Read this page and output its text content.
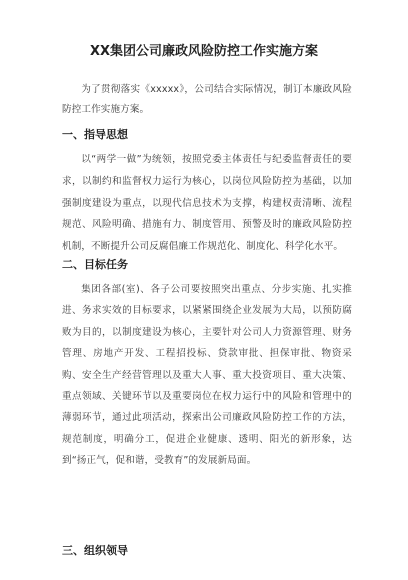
XX集团公司廉政风险防控工作实施方案
为了贯彻落实《xxxxx》，公司结合实际情况，制订本廉政风险防控工作实施方案。
一、指导思想
以“两学一做”为统领，按照党委主体责任与纪委监督责任的要求，以制约和监督权力运行为核心，以岗位风险防控为基础，以加强制度建设为重点，以现代信息技术为支撑，构建权责清晰、流程规范、风险明确、措施有力、制度管用、预警及时的廉政风险防控机制，不断提升公司反腐倡廉工作规范化、制度化、科学化水平。
二、目标任务
集团各部(室)、各子公司要按照突出重点、分步实施、扎实推进、务求实效的目标要求，以紧紧围绕企业发展为大局，以预防腐败为目的，以制度建设为核心，主要针对公司人力资源管理、财务管理、房地产开发、工程招投标、贷款审批、担保审批、物资采购、安全生产经营管理以及重大人事、重大投资项目、重大决策、重点领域、关键环节以及重要岗位在权力运行中的风险和管理中的薄弱环节，通过此项活动，探索出公司廉政风险防控工作的方法，规范制度，明确分工，促进企业健康、透明、阳光的新形象，达到“扬正气，促和谐，受教育”的发展新局面。
三、组织领导
